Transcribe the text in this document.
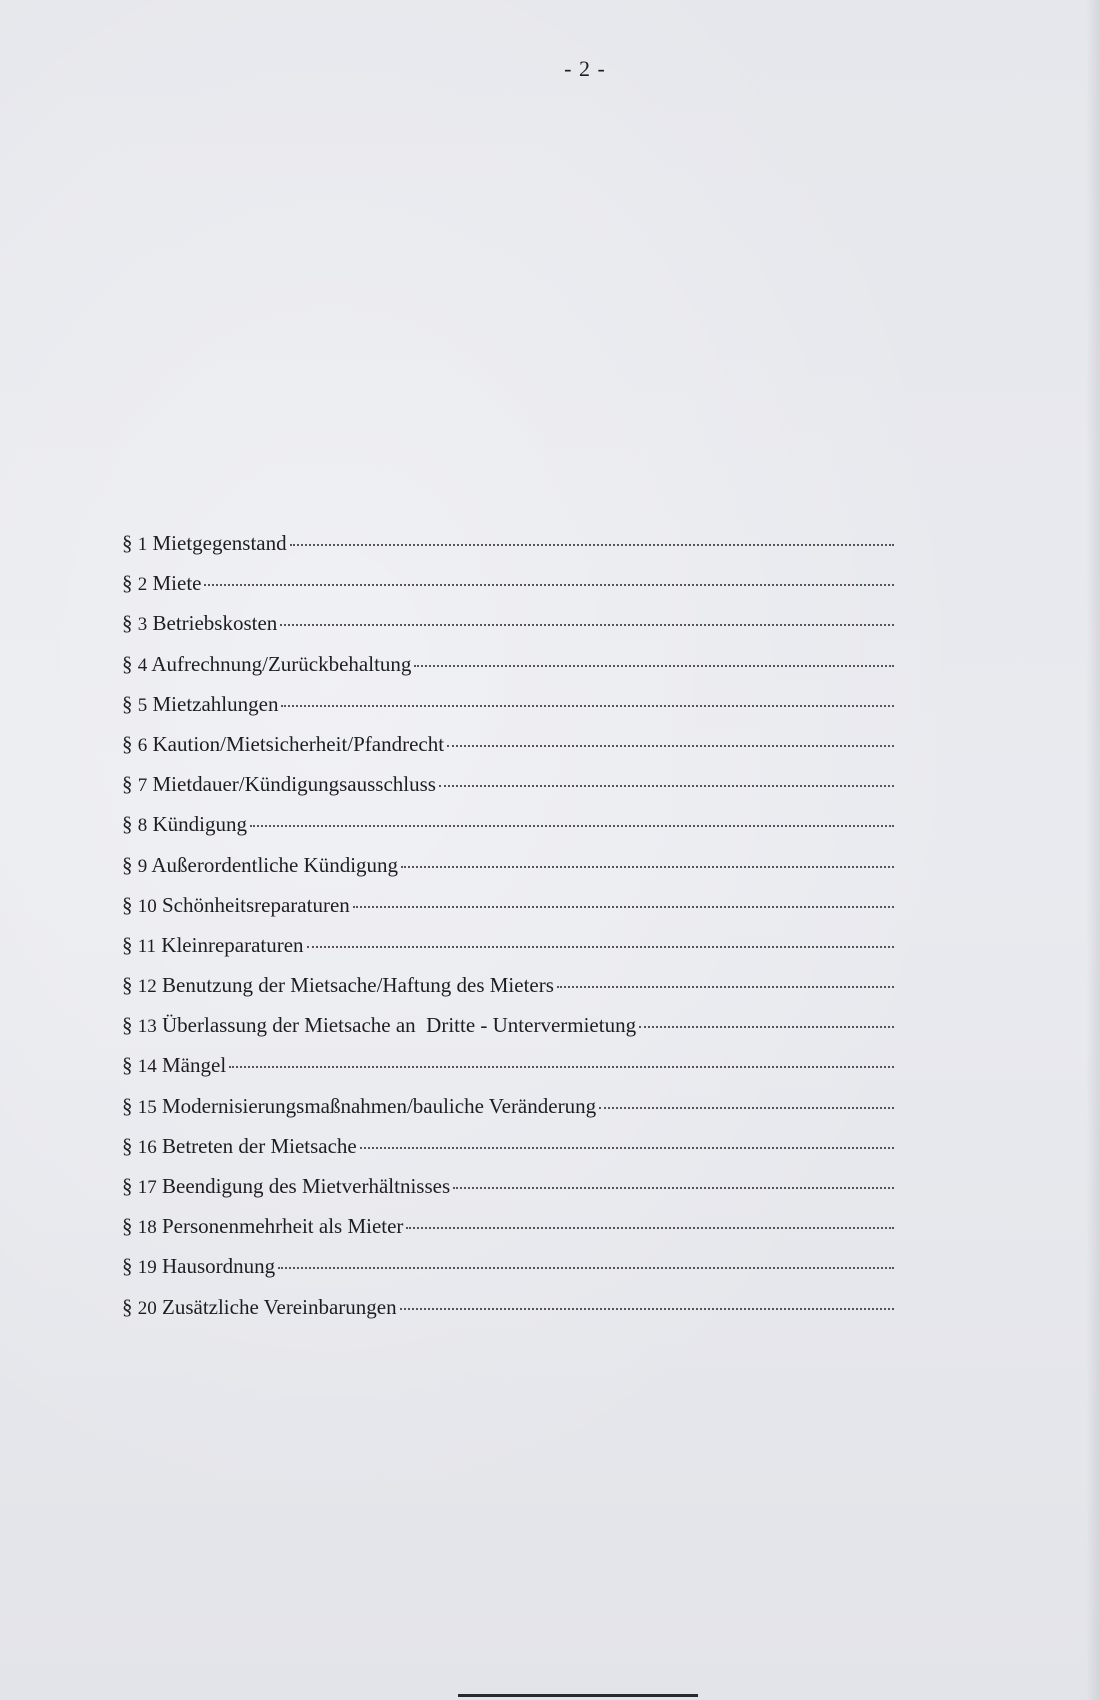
- 2 -
§ 1 Mietgegenstand
§ 2 Miete
§ 3 Betriebskosten
§ 4 Aufrechnung/Zurückbehaltung
§ 5 Mietzahlungen
§ 6 Kaution/Mietsicherheit/Pfandrecht
§ 7 Mietdauer/Kündigungsausschluss
§ 8 Kündigung
§ 9 Außerordentliche Kündigung
§ 10 Schönheitsreparaturen
§ 11 Kleinreparaturen
§ 12 Benutzung der Mietsache/Haftung des Mieters
§ 13 Überlassung der Mietsache an  Dritte - Untervermietung
§ 14 Mängel
§ 15 Modernisierungsmaßnahmen/bauliche Veränderung
§ 16 Betreten der Mietsache
§ 17 Beendigung des Mietverhältnisses
§ 18 Personenmehrheit als Mieter
§ 19 Hausordnung
§ 20 Zusätzliche Vereinbarungen
